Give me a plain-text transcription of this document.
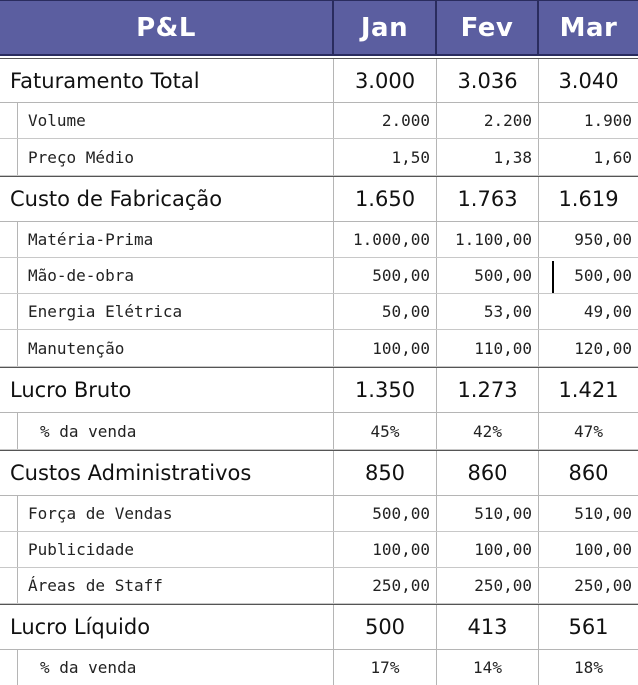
P&L	Jan	Fev	Mar
Faturamento Total	3.000	3.036	3.040
Volume	2.000	2.200	1.900
Preço Médio	1,50	1,38	1,60
Custo de Fabricação	1.650	1.763	1.619
Matéria-Prima	1.000,00	1.100,00	950,00
Mão-de-obra	500,00	500,00	500,00
Energia Elétrica	50,00	53,00	49,00
Manutenção	100,00	110,00	120,00
Lucro Bruto	1.350	1.273	1.421
% da venda	45%	42%	47%
Custos Administrativos	850	860	860
Força de Vendas	500,00	510,00	510,00
Publicidade	100,00	100,00	100,00
Áreas de Staff	250,00	250,00	250,00
Lucro Líquido	500	413	561
% da venda	17%	14%	18%
